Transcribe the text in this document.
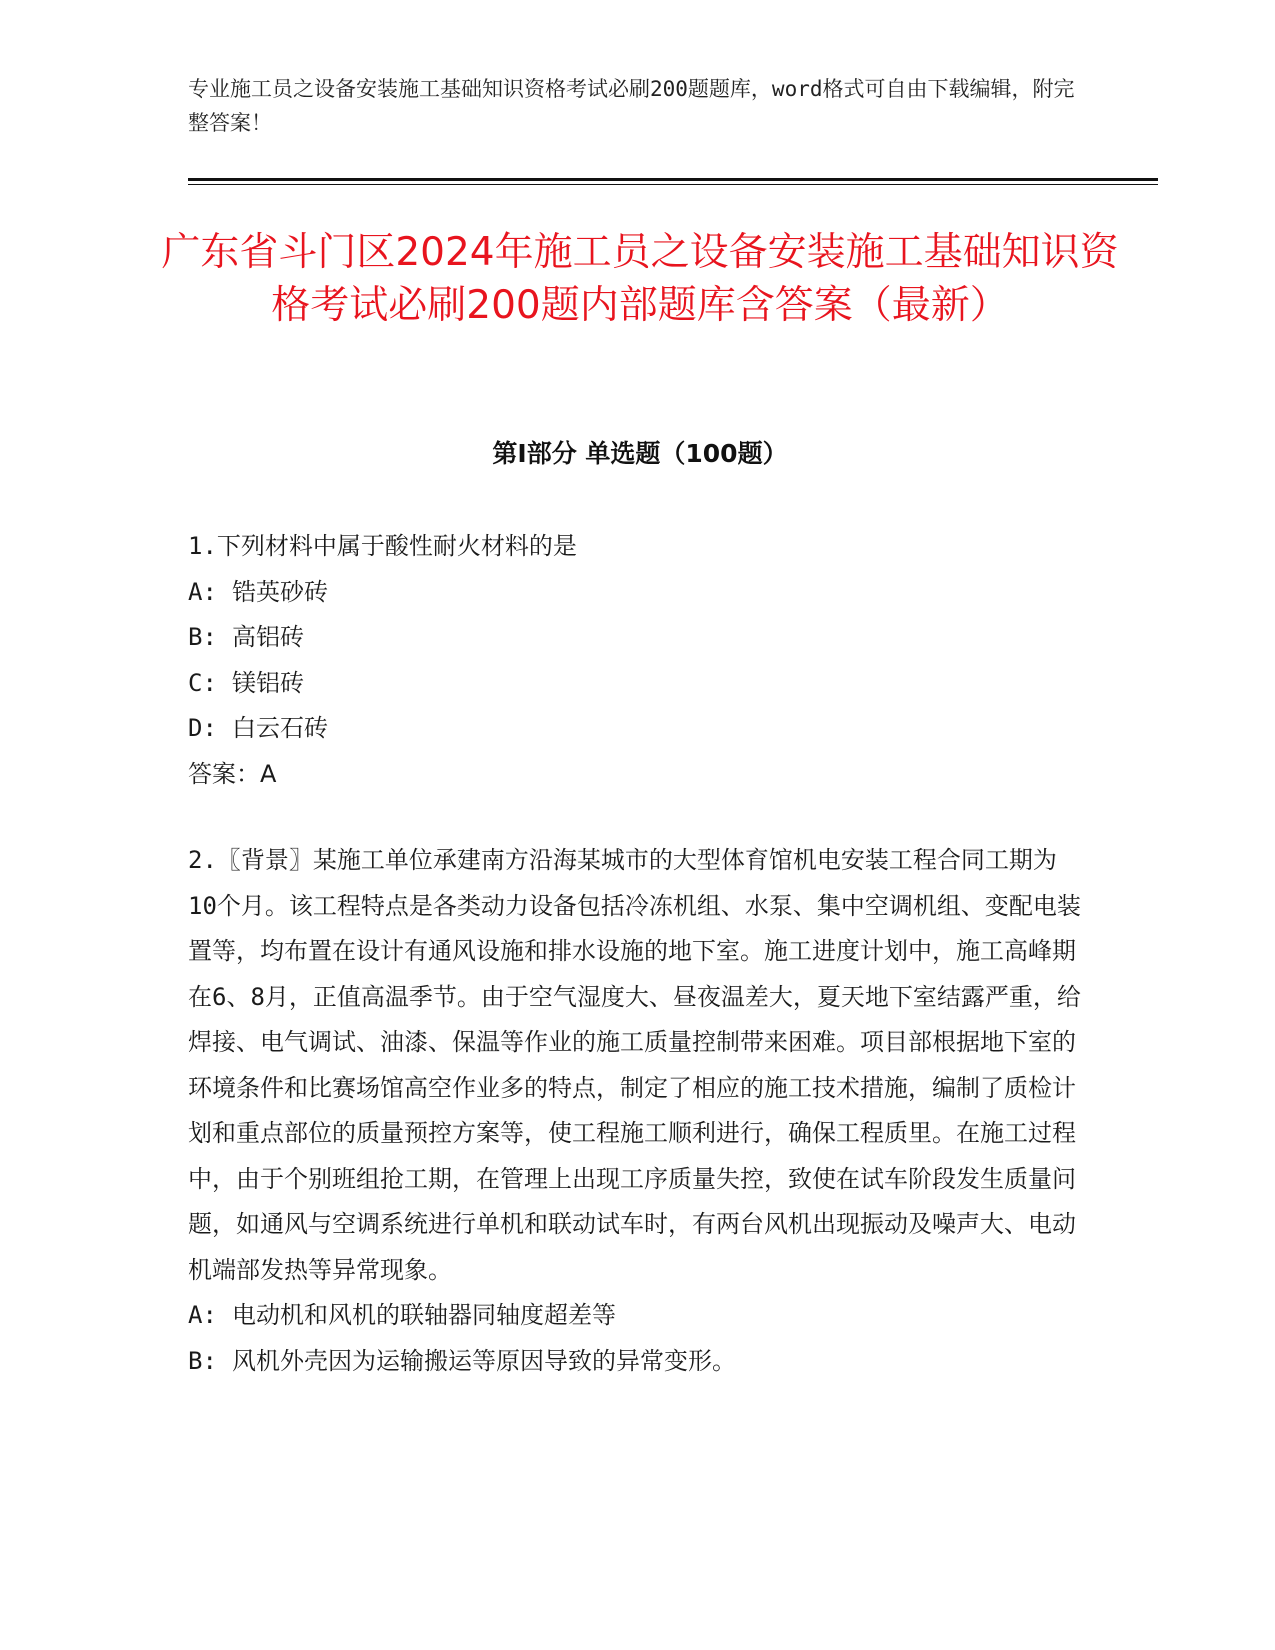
专业施工员之设备安装施工基础知识资格考试必刷200题题库，word格式可自由下载编辑，附完整答案！
广东省斗门区2024年施工员之设备安装施工基础知识资格考试必刷200题内部题库含答案（最新）
第Ⅰ部分 单选题（100题）

1.下列材料中属于酸性耐火材料的是

A: 锆英砂砖

B: 高铝砖

C: 镁铝砖

D: 白云石砖

答案：A

2.〖背景〗某施工单位承建南方沿海某城市的大型体育馆机电安装工程合同工期为10个月。该工程特点是各类动力设备包括冷冻机组、水泵、集中空调机组、变配电装置等，均布置在设计有通风设施和排水设施的地下室。施工进度计划中，施工高峰期在6、8月，正值高温季节。由于空气湿度大、昼夜温差大，夏天地下室结露严重，给焊接、电气调试、油漆、保温等作业的施工质量控制带来困难。项目部根据地下室的环境条件和比赛场馆高空作业多的特点，制定了相应的施工技术措施，编制了质检计划和重点部位的质量预控方案等，使工程施工顺利进行，确保工程质里。在施工过程中，由于个别班组抢工期，在管理上出现工序质量失控，致使在试车阶段发生质量问题，如通风与空调系统进行单机和联动试车时，有两台风机出现振动及噪声大、电动机端部发热等异常现象。

A: 电动机和风机的联轴器同轴度超差等

B: 风机外壳因为运输搬运等原因导致的异常变形。
